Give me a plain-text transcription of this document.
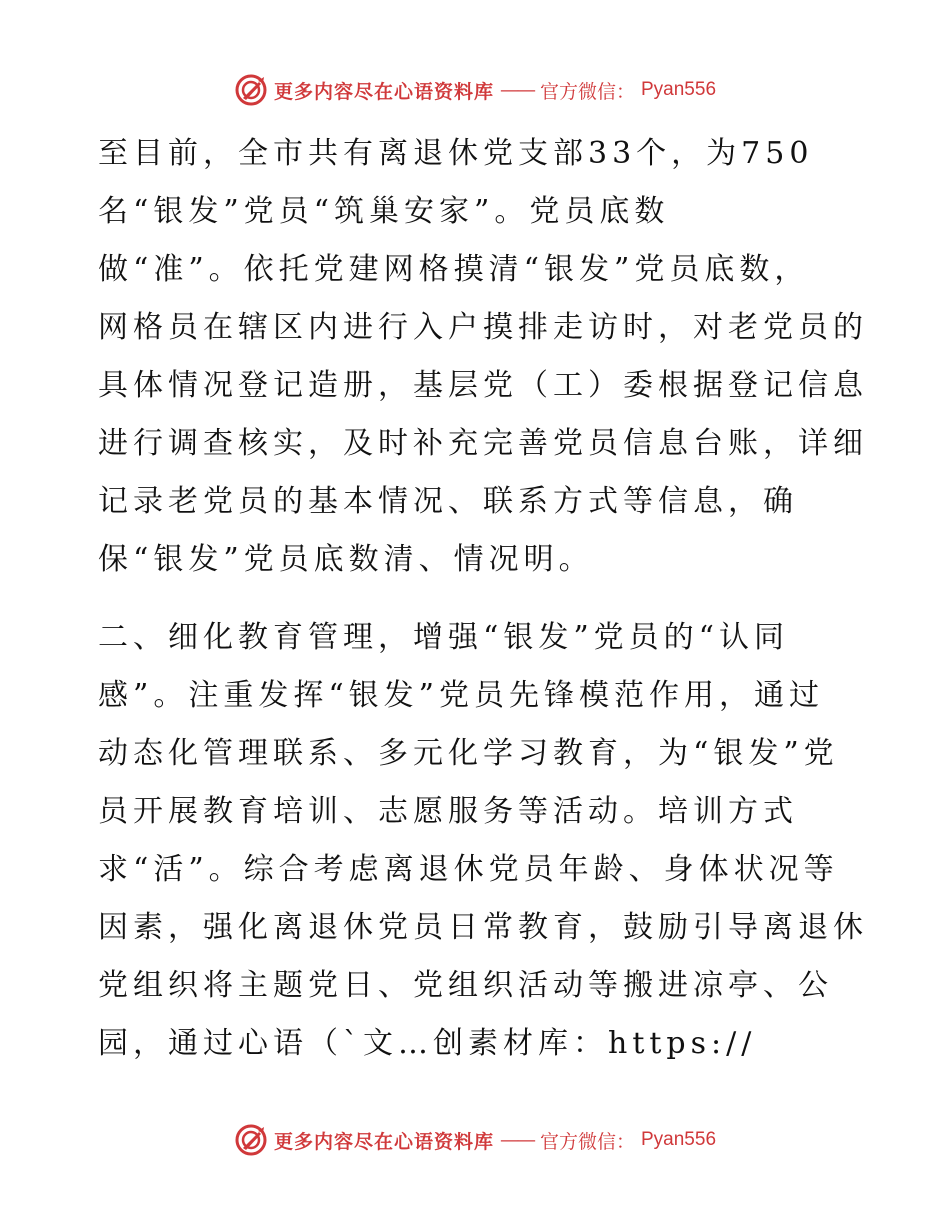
更多内容尽在心语资料库 —— 官方微信： Pyan556
至目前，全市共有离退休党支部33个，为750
名“银发”党员“筑巢安家”。党员底数
做“准”。依托党建网格摸清“银发”党员底数，
网格员在辖区内进行入户摸排走访时，对老党员的
具体情况登记造册，基层党（工）委根据登记信息
进行调查核实，及时补充完善党员信息台账，详细
记录老党员的基本情况、联系方式等信息，确
保“银发”党员底数清、情况明。
二、细化教育管理，增强“银发”党员的“认同
感”。注重发挥“银发”党员先锋模范作用，通过
动态化管理联系、多元化学习教育，为“银发”党
员开展教育培训、志愿服务等活动。培训方式
求“活”。综合考虑离退休党员年龄、身体状况等
因素，强化离退休党员日常教育，鼓励引导离退休
党组织将主题党日、党组织活动等搬进凉亭、公
园，通过心语（`文…创素材库：https://
更多内容尽在心语资料库 —— 官方微信： Pyan556
